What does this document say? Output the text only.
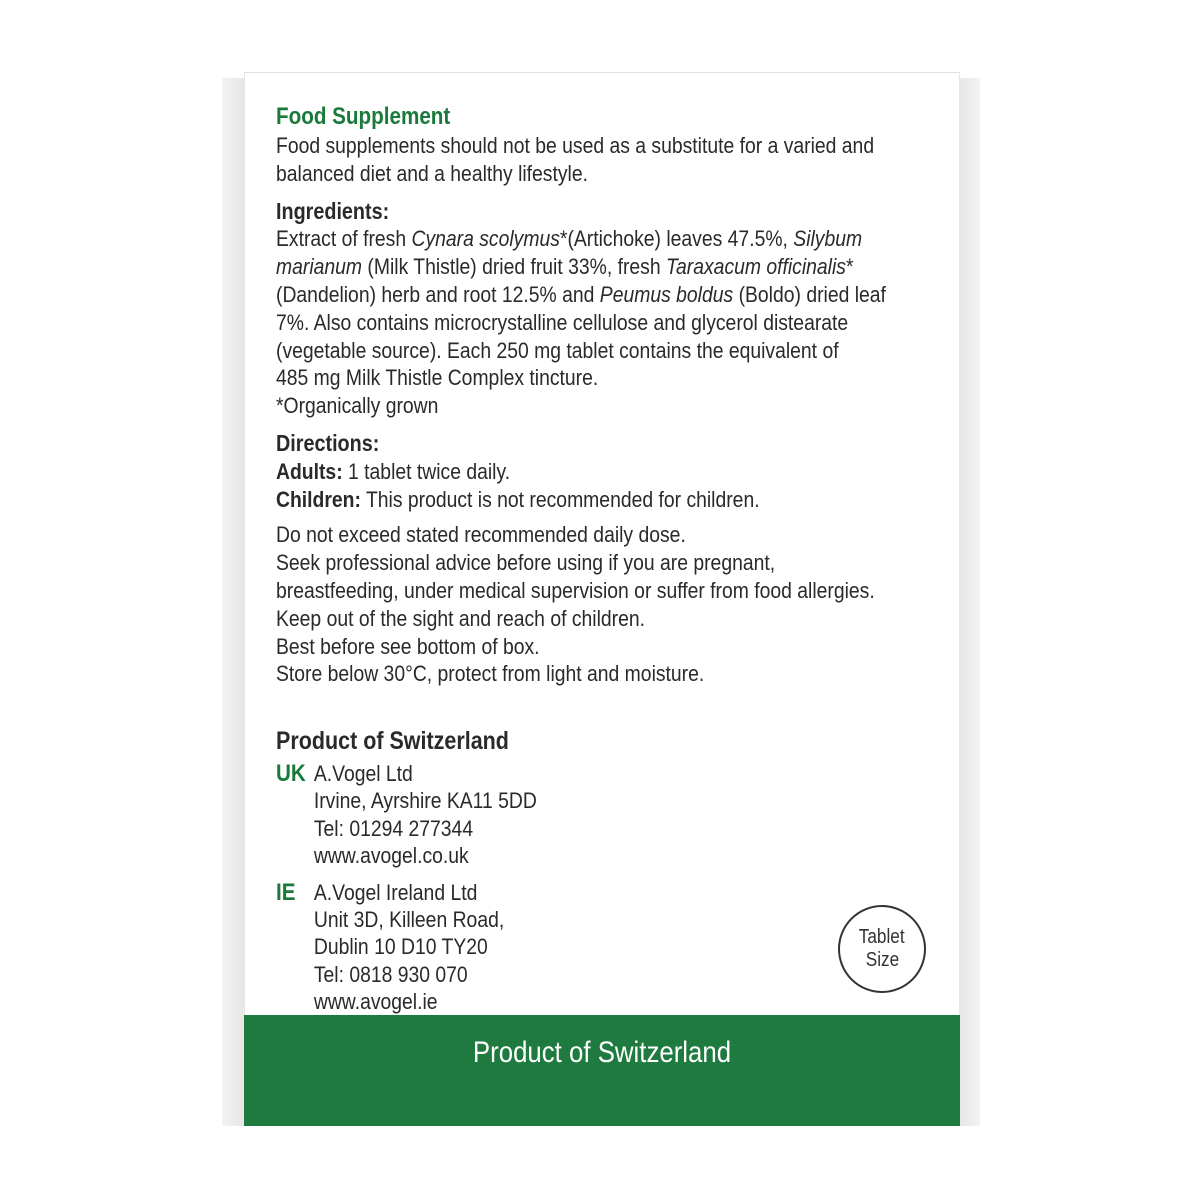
Food Supplement

Food supplements should not be used as a substitute for a varied and

balanced diet and a healthy lifestyle.

Ingredients:

Extract of fresh Cynara scolymus*(Artichoke) leaves 47.5%, Silybum

marianum (Milk Thistle) dried fruit 33%, fresh Taraxacum officinalis*

(Dandelion) herb and root 12.5% and Peumus boldus (Boldo) dried leaf

7%. Also contains microcrystalline cellulose and glycerol distearate

(vegetable source). Each 250 mg tablet contains the equivalent of

485 mg Milk Thistle Complex tincture.

*Organically grown

Directions:

Adults: 1 tablet twice daily.

Children: This product is not recommended for children.

Do not exceed stated recommended daily dose.

Seek professional advice before using if you are pregnant,

breastfeeding, under medical supervision or suffer from food allergies.

Keep out of the sight and reach of children.

Best before see bottom of box.

Store below 30°C, protect from light and moisture.

Product of Switzerland

UK A.Vogel Ltd

Irvine, Ayrshire KA11 5DD

Tel: 01294 277344

www.avogel.co.uk

IE A.Vogel Ireland Ltd

Unit 3D, Killeen Road,

Dublin 10 D10 TY20

Tel: 0818 930 070

www.avogel.ie

Tablet
Size
Product of Switzerland
